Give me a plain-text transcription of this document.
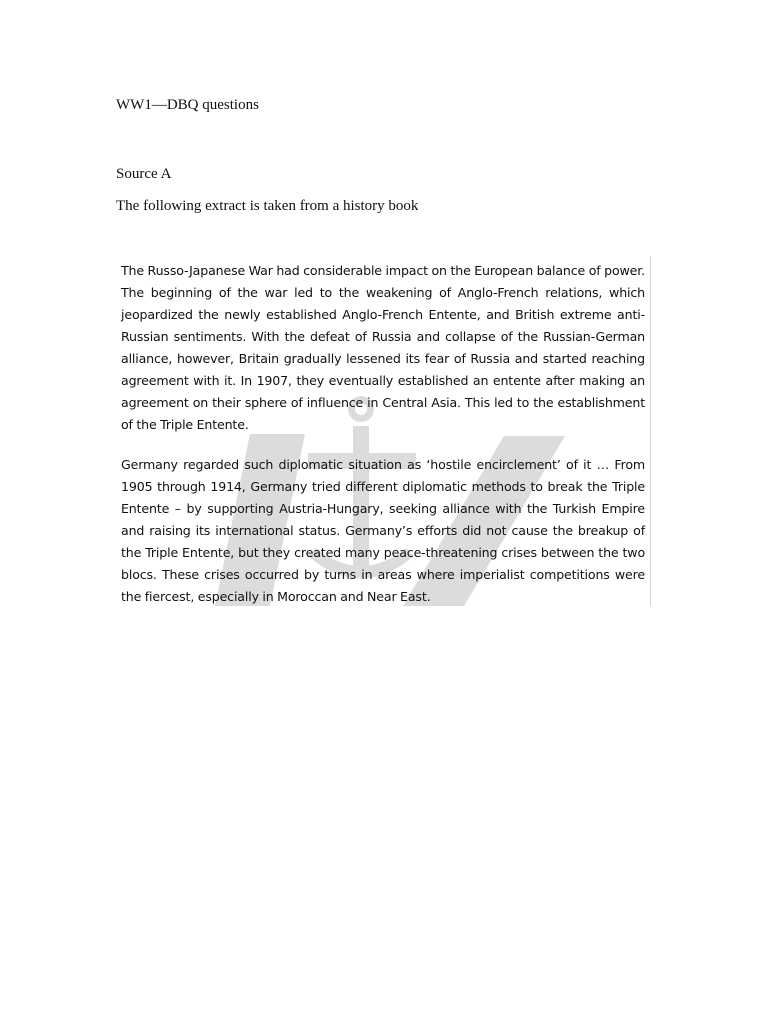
WW1—DBQ questions
Source A
The following extract is taken from a history book

The Russo-Japanese War had considerable impact on the European balance of power. The beginning of the war led to the weakening of Anglo-French relations, which jeopardized the newly established Anglo-French Entente, and British extreme anti-Russian sentiments. With the defeat of Russia and collapse of the Russian-German alliance, however, Britain gradually lessened its fear of Russia and started reaching agreement with it. In 1907, they eventually established an entente after making an agreement on their sphere of influence in Central Asia. This led to the establishment of the Triple Entente.

Germany regarded such diplomatic situation as ‘hostile encirclement’ of it … From 1905 through 1914, Germany tried different diplomatic methods to break the Triple Entente – by supporting Austria-Hungary, seeking alliance with the Turkish Empire and raising its international status. Germany’s efforts did not cause the breakup of the Triple Entente, but they created many peace-threatening crises between the two blocs. These crises occurred by turns in areas where imperialist competitions were the fiercest, especially in Moroccan and Near East.
